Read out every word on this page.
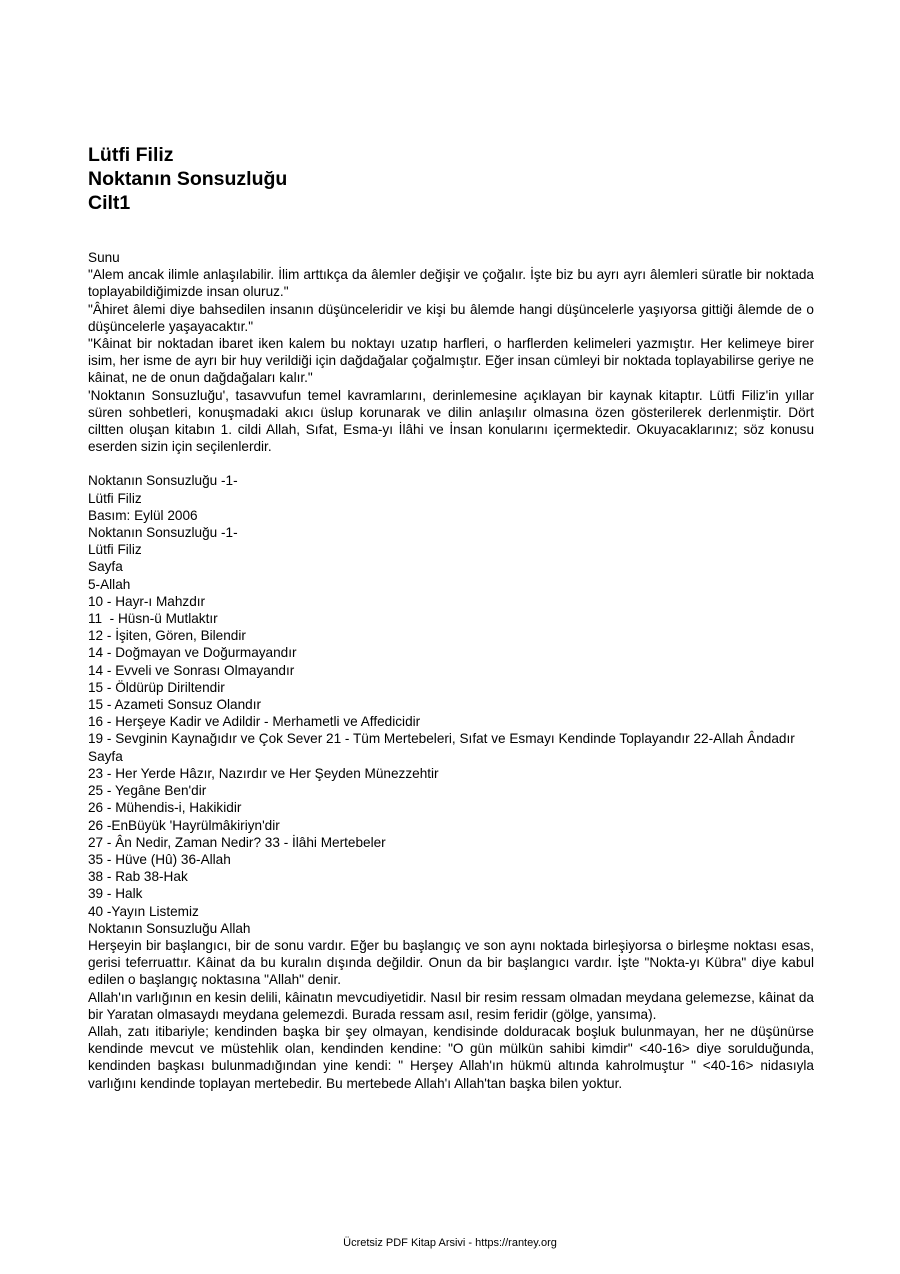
Lütfi Filiz
Noktanın Sonsuzluğu
Cilt1
Sunu
"Alem ancak ilimle anlaşılabilir. İlim arttıkça da âlemler değişir ve çoğalır. İşte biz bu ayrı ayrı âlemleri süratle bir noktada toplayabildiğimizde insan oluruz."
"Âhiret âlemi diye bahsedilen insanın düşünceleridir ve kişi bu âlemde hangi düşüncelerle yaşıyorsa gittiği âlemde de o düşüncelerle yaşayacaktır."
"Kâinat bir noktadan ibaret iken kalem bu noktayı uzatıp harfleri, o harflerden kelimeleri yazmıştır. Her kelimeye birer isim, her isme de ayrı bir huy verildiği için dağdağalar çoğalmıştır. Eğer insan cümleyi bir noktada toplayabilirse geriye ne kâinat, ne de onun dağdağaları kalır."
'Noktanın Sonsuzluğu', tasavvufun temel kavramlarını, derinlemesine açıklayan bir kaynak kitaptır. Lütfi Filiz'in yıllar süren sohbetleri, konuşmadaki akıcı üslup korunarak ve dilin anlaşılır olmasına özen gösterilerek derlenmiştir. Dört ciltten oluşan kitabın 1. cildi Allah, Sıfat, Esma-yı İlâhi ve İnsan konularını içermektedir. Okuyacaklarınız; söz konusu eserden sizin için seçilenlerdir.
Noktanın Sonsuzluğu -1-
Lütfi Filiz
Basım: Eylül 2006
Noktanın Sonsuzluğu -1-
Lütfi Filiz
Sayfa
5-Allah
10 - Hayr-ı Mahzdır
11  - Hüsn-ü Mutlaktır
12 - İşiten, Gören, Bilendir
14 - Doğmayan ve Doğurmayandır
14 - Evveli ve Sonrası Olmayandır
15 - Öldürüp Diriltendir
15 - Azameti Sonsuz Olandır
16 - Herşeye Kadir ve Adildir - Merhametli ve Affedicidir
19 - Sevginin Kaynağıdır ve Çok Sever 21 - Tüm Mertebeleri, Sıfat ve Esmayı Kendinde Toplayandır 22-Allah Ândadır
Sayfa
23 - Her Yerde Hâzır, Nazırdır ve Her Şeyden Münezzehtir
25 - Yegâne Ben'dir
26 - Mühendis-i, Hakikidir
26 -EnBüyük 'Hayrülmâkiriyn'dir
27 - Ân Nedir, Zaman Nedir? 33 - İlâhi Mertebeler
35 - Hüve (Hû) 36-Allah
38 - Rab 38-Hak
39 - Halk
40 -Yayın Listemiz
Noktanın Sonsuzluğu Allah
Herşeyin bir başlangıcı, bir de sonu vardır. Eğer bu başlangıç ve son aynı noktada birleşiyorsa o birleşme noktası esas, gerisi teferruattır. Kâinat da bu kuralın dışında değildir. Onun da bir başlangıcı vardır. İşte "Nokta-yı Kübra" diye kabul edilen o başlangıç noktasına "Allah" denir.
Allah'ın varlığının en kesin delili, kâinatın mevcudiyetidir. Nasıl bir resim ressam olmadan meydana gelemezse, kâinat da bir Yaratan olmasaydı meydana gelemezdi. Burada ressam asıl, resim feridir (gölge, yansıma).
Allah, zatı itibariyle; kendinden başka bir şey olmayan, kendisinde dolduracak boşluk bulunmayan, her ne düşünürse kendinde mevcut ve müstehlik olan, kendinden kendine: "O gün mülkün sahibi kimdir" <40-16> diye sorulduğunda, kendinden başkası bulunmadığından yine kendi: " Herşey Allah'ın hükmü altında kahrolmuştur " <40-16> nidasıyla varlığını kendinde toplayan mertebedir. Bu mertebede Allah'ı Allah'tan başka bilen yoktur.
Ücretsiz PDF Kitap Arsivi - https://rantey.org
